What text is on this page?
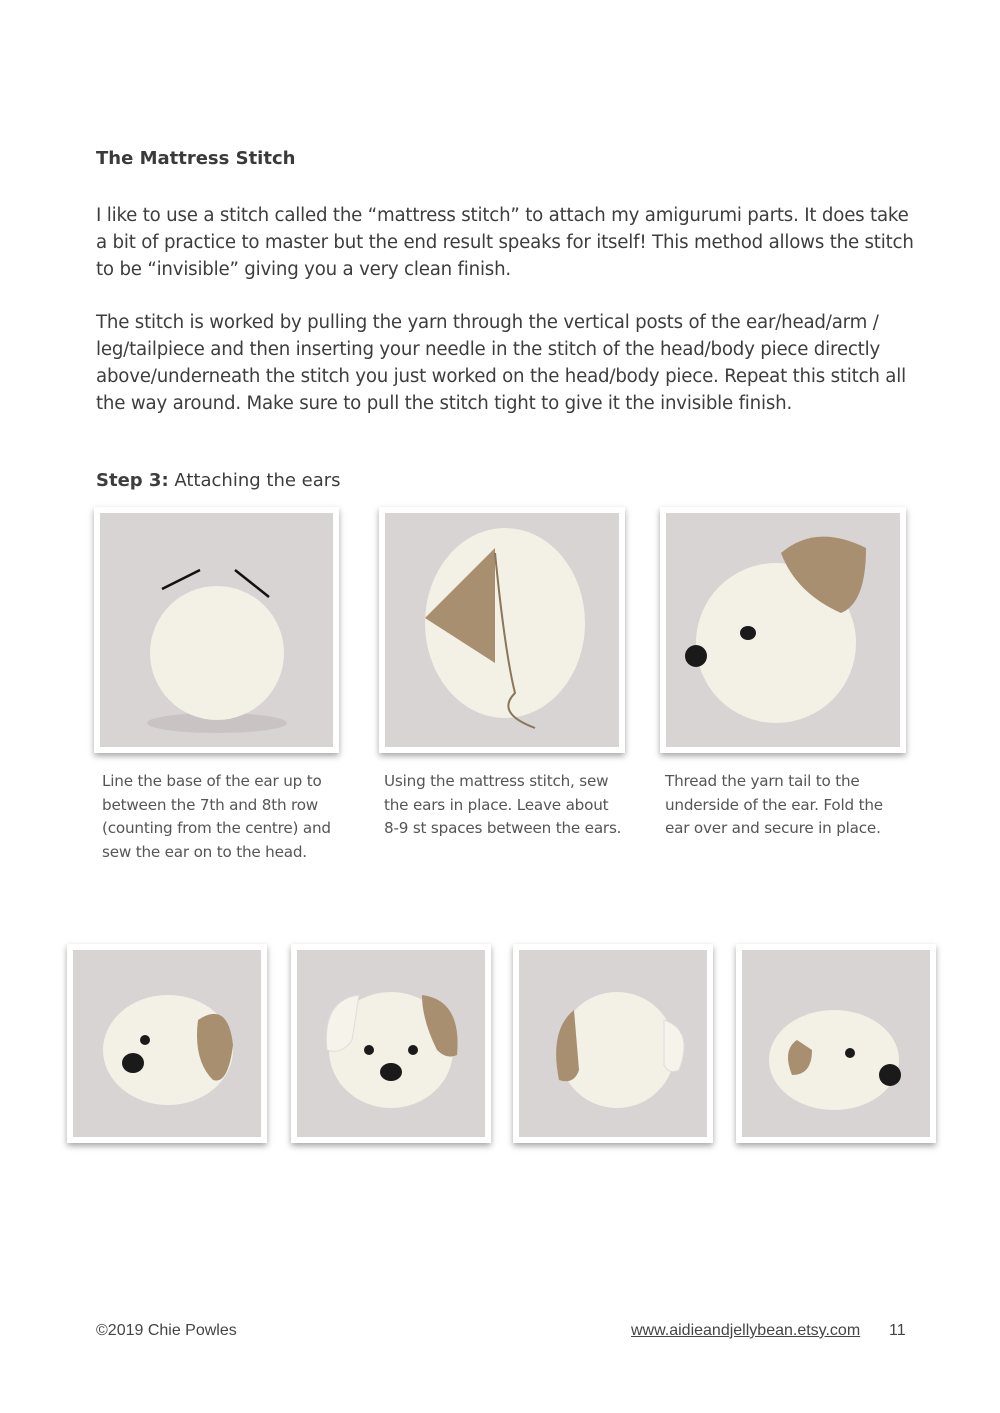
The Mattress Stitch
I like to use a stitch called the “mattress stitch” to attach my amigurumi parts. It does take a bit of practice to master but the end result speaks for itself! This method allows the stitch to be “invisible” giving you a very clean finish.
The stitch is worked by pulling the yarn through the vertical posts of the ear/head/arm / leg/tailpiece and then inserting your needle in the stitch of the head/body piece directly above/underneath the stitch you just worked on the head/body piece. Repeat this stitch all the way around. Make sure to pull the stitch tight to give it the invisible finish.
Step 3: Attaching the ears
Line the base of the ear up to between the 7th and 8th row (counting from the centre) and sew the ear on to the head.
Using the mattress stitch, sew the ears in place. Leave about 8-9 st spaces between the ears.
Thread the yarn tail to the underside of the ear. Fold the ear over and secure in place.
©2019 Chie Powles	www.aidieandjellybean.etsy.com 11
